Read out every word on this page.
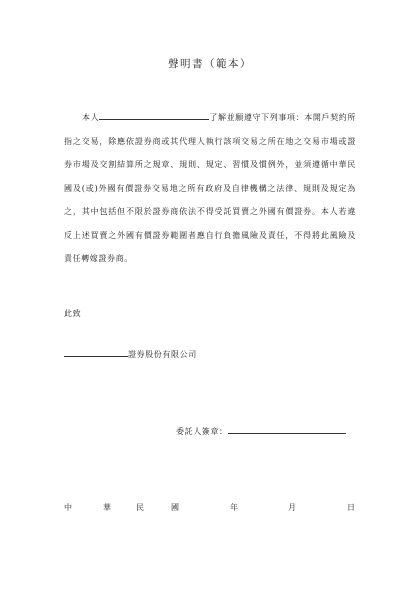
聲明書（範本）
本人	了解並願遵守下列事項：本開戶契約所指之交易，除應依證券商或其代理人執行該項交易之所在地之交易市場或證券市場及交割結算所之規章、規則、規定、習慣及慣例外，並須遵循中華民國及(或)外國有價證券交易地之所有政府及自律機構之法律、規則及規定為之，其中包括但不限於證券商依法不得受託買賣之外國有價證券。本人若違反上述買賣之外國有價證券範圍者應自行負擔風險及責任，不得將此風險及責任轉嫁證券商。
此致
證券股份有限公司
委託人簽章：
中	華	民	國	年	月	日
